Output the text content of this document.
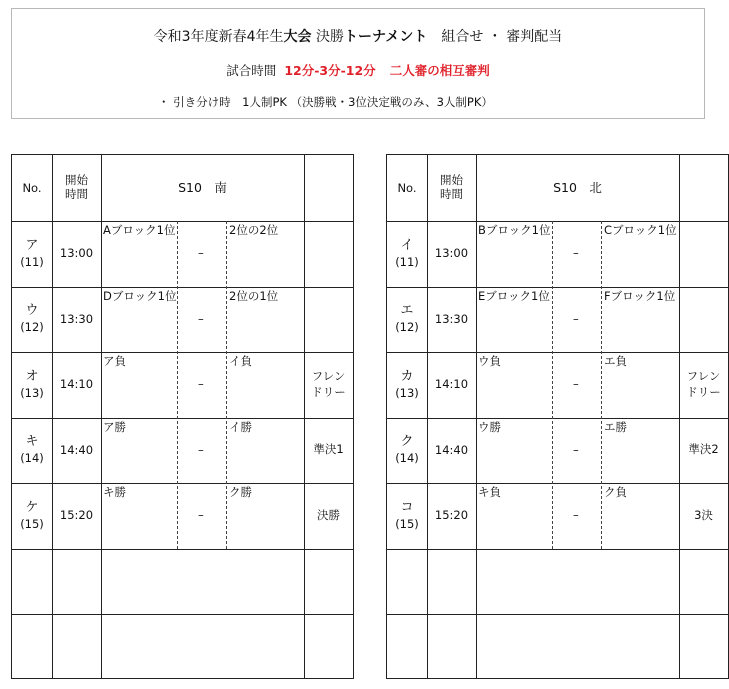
令和3年度新春4年生大会 決勝トーナメント　組合せ ・ 審判配当
試合時間 12分-3分-12分 二人審の相互審判
・ 引き分け時　1人制PK （決勝戦・3位決定戦のみ、3人制PK）
No.
開始
時間	S10　南
ア
(11)
13:00
Aブロック1位
–
2位の2位
ウ
(12)
13:30
Dブロック1位
–
2位の1位
オ
(13)
14:10
ア負
–
イ負
フレン
ドリー
キ
(14)
14:40
ア勝
–
イ勝
準決1
ケ
(15)
15:20
キ勝
–
ク勝
決勝
No.
開始
時間	S10　北
イ
(11)
13:00
Bブロック1位
–
Cブロック1位
エ
(12)
13:30
Eブロック1位
–
Fブロック1位
カ
(13)
14:10
ウ負
–
エ負
フレン
ドリー
ク
(14)
14:40
ウ勝
–
エ勝
準決2
コ
(15)
15:20
キ負
–
ク負
3決
